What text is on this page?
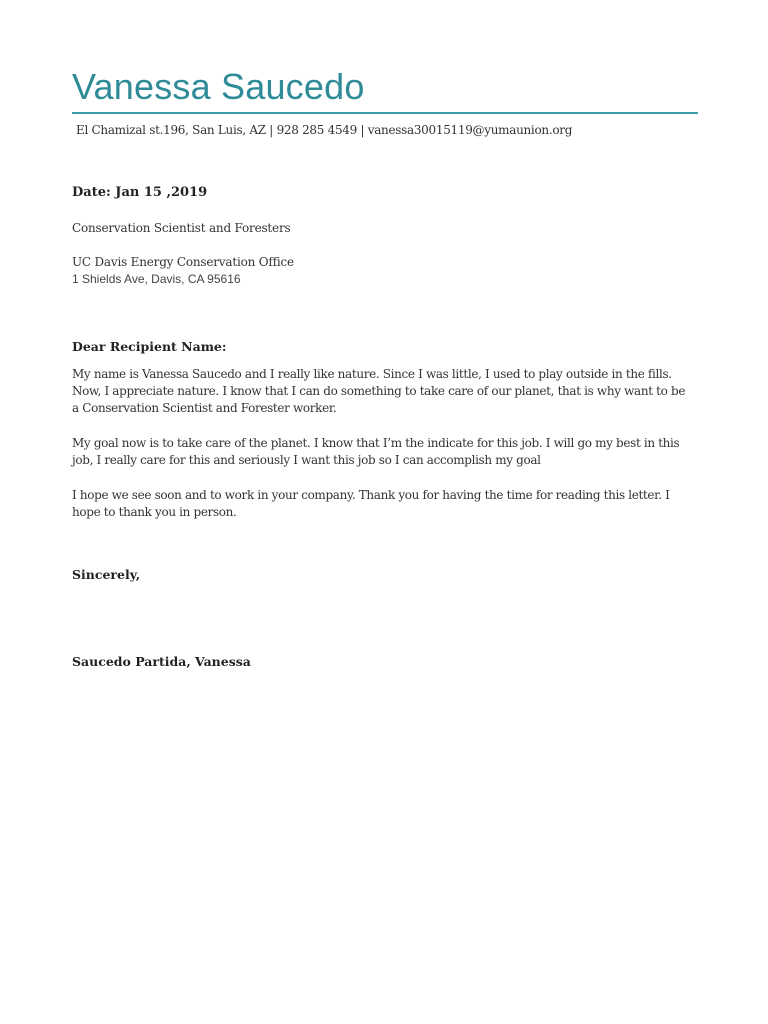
Vanessa Saucedo
El Chamizal st.196, San Luis, AZ | 928 285 4549 | vanessa30015119@yumaunion.org
Date: Jan 15 ,2019
Conservation Scientist and Foresters
UC Davis Energy Conservation Office
1 Shields Ave, Davis, CA 95616
Dear Recipient Name:
My name is Vanessa Saucedo and I really like nature. Since I was little, I used to play outside in the fills.
Now, I appreciate nature. I know that I can do something to take care of our planet, that is why want to be
a Conservation Scientist and Forester worker.
My goal now is to take care of the planet. I know that I’m the indicate for this job. I will go my best in this
job, I really care for this and seriously I want this job so I can accomplish my goal
I hope we see soon and to work in your company. Thank you for having the time for reading this letter. I
hope to thank you in person.
Sincerely,
Saucedo Partida, Vanessa
